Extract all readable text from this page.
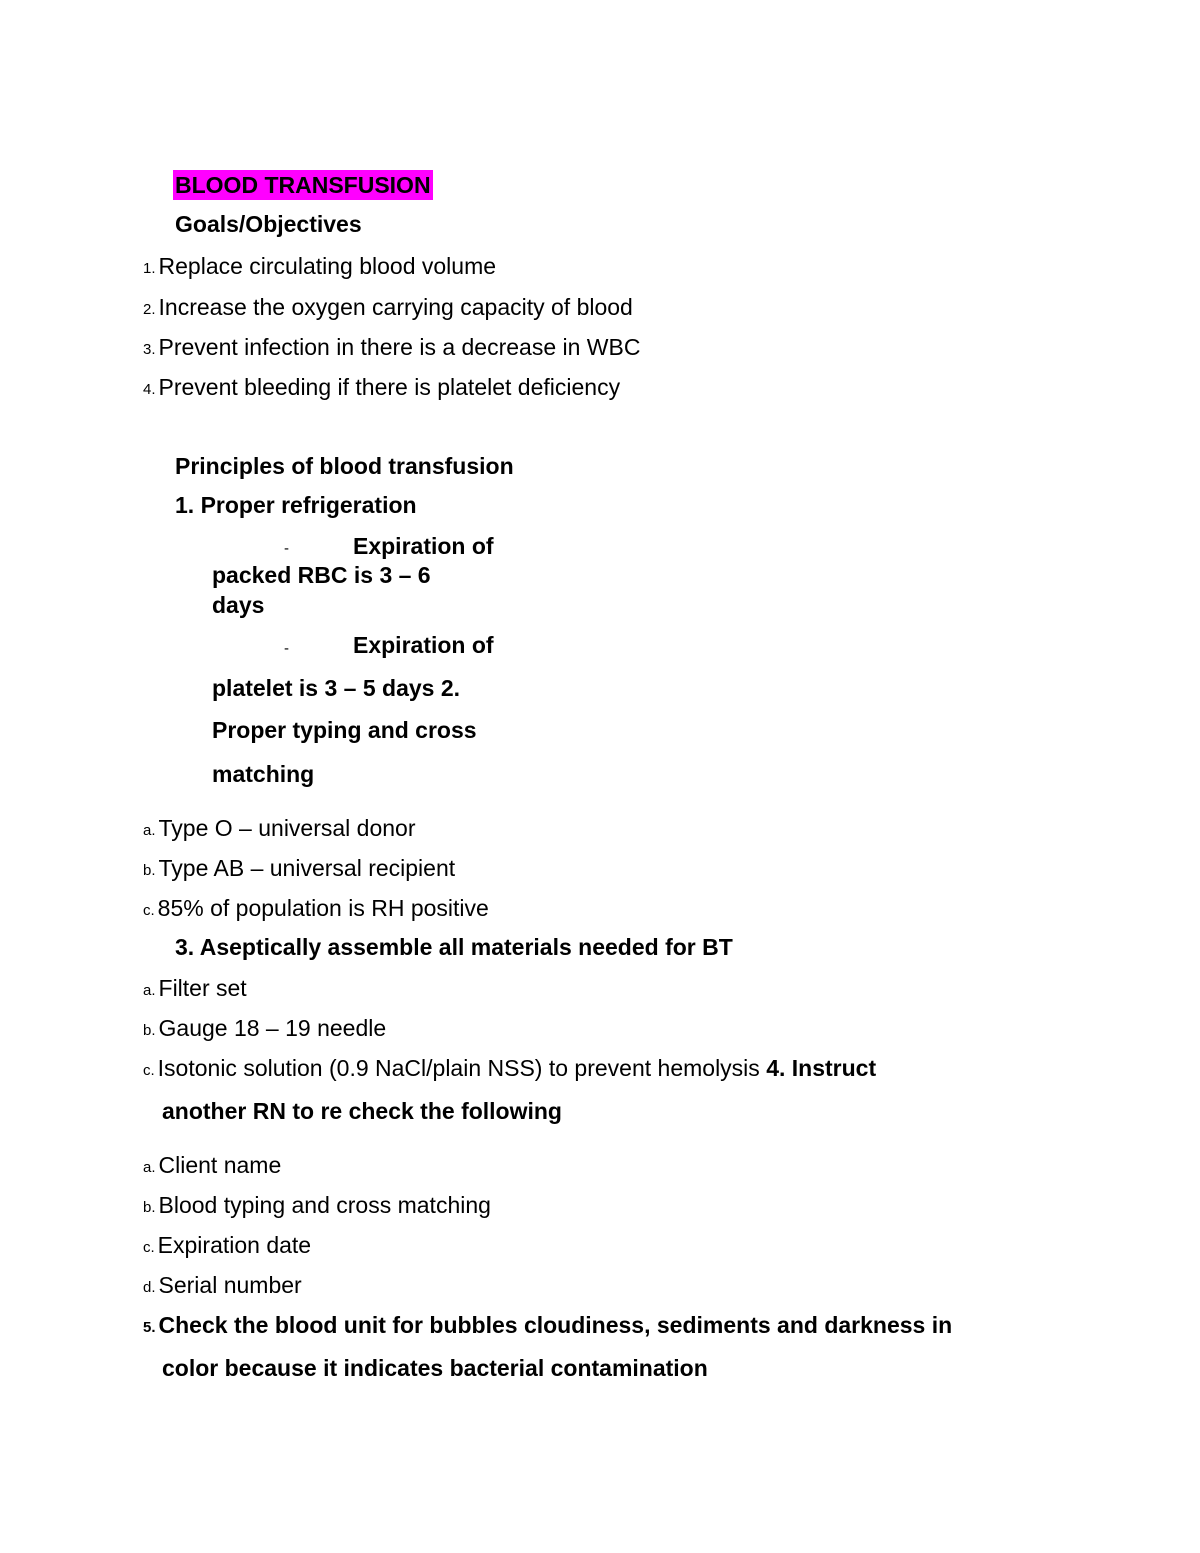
BLOOD TRANSFUSION
Goals/Objectives
1. Replace circulating blood volume
2. Increase the oxygen carrying capacity of blood
3. Prevent infection in there is a decrease in WBC
4. Prevent bleeding if there is platelet deficiency
Principles of blood transfusion
1. Proper refrigeration
-	Expiration of
packed RBC is 3 – 6
days
-	Expiration of
platelet is 3 – 5 days 2.
Proper typing and cross
matching
a. Type O – universal donor
b. Type AB – universal recipient
c. 85% of population is RH positive
3. Aseptically assemble all materials needed for BT
a. Filter set
b. Gauge 18 – 19 needle
c. Isotonic solution (0.9 NaCl/plain NSS) to prevent hemolysis 4. Instruct
another RN to re check the following
a. Client name
b. Blood typing and cross matching
c. Expiration date
d. Serial number
5. Check the blood unit for bubbles cloudiness, sediments and darkness in
color because it indicates bacterial contamination
